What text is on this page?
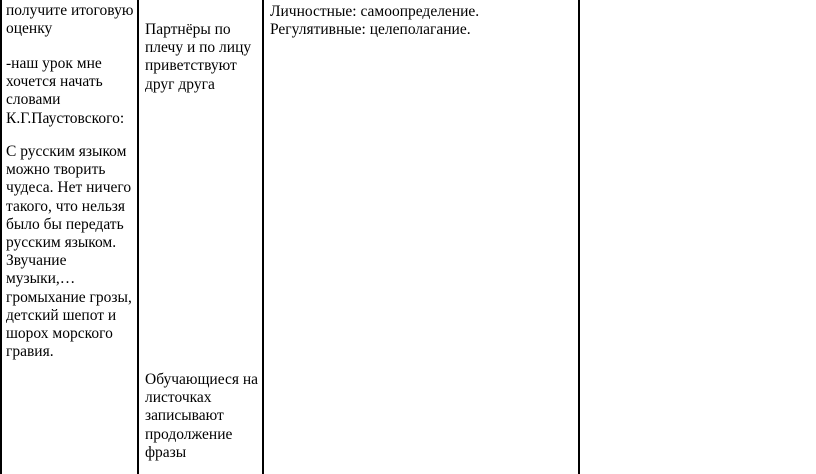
получите итоговую оценку

-наш урок мне хочется начать словами К.Г.Паустовского:

С русским языком можно творить чудеса. Нет ничего такого, что нельзя было бы передать русским языком. Звучание музыки,… громыхание грозы, детский шепот и шорох морского гравия.

Партнёры по плечу и по лицу приветствуют друг друга

Обучающиеся на листочках записывают продолжение фразы

Личностные: самоопределение.

Регулятивные: целеполагание.
